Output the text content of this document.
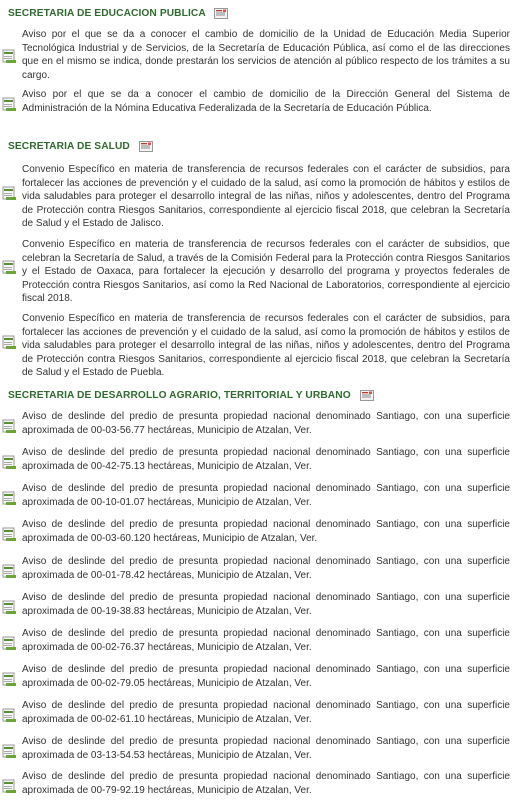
SECRETARIA DE EDUCACION PUBLICA
Aviso por el que se da a conocer el cambio de domicilio de la Unidad de Educación Media Superior Tecnológica Industrial y de Servicios, de la Secretaría de Educación Pública, así como el de las direcciones que en el mismo se indica, donde prestarán los servicios de atención al público respecto de los trámites a su cargo.
Aviso por el que se da a conocer el cambio de domicilio de la Dirección General del Sistema de Administración de la Nómina Educativa Federalizada de la Secretaría de Educación Pública.
SECRETARIA DE SALUD
Convenio Específico en materia de transferencia de recursos federales con el carácter de subsidios, para fortalecer las acciones de prevención y el cuidado de la salud, así como la promoción de hábitos y estilos de vida saludables para proteger el desarrollo integral de las niñas, niños y adolescentes, dentro del Programa de Protección contra Riesgos Sanitarios, correspondiente al ejercicio fiscal 2018, que celebran la Secretaría de Salud y el Estado de Jalisco.
Convenio Específico en materia de transferencia de recursos federales con el carácter de subsidios, que celebran la Secretaría de Salud, a través de la Comisión Federal para la Protección contra Riesgos Sanitarios y el Estado de Oaxaca, para fortalecer la ejecución y desarrollo del programa y proyectos federales de Protección contra Riesgos Sanitarios, así como la Red Nacional de Laboratorios, correspondiente al ejercicio fiscal 2018.
Convenio Específico en materia de transferencia de recursos federales con el carácter de subsidios, para fortalecer las acciones de prevención y el cuidado de la salud, así como la promoción de hábitos y estilos de vida saludables para proteger el desarrollo integral de las niñas, niños y adolescentes, dentro del Programa de Protección contra Riesgos Sanitarios, correspondiente al ejercicio fiscal 2018, que celebran la Secretaría de Salud y el Estado de Puebla.
SECRETARIA DE DESARROLLO AGRARIO, TERRITORIAL Y URBANO
Aviso de deslinde del predio de presunta propiedad nacional denominado Santiago, con una superficie aproximada de 00-03-56.77 hectáreas, Municipio de Atzalan, Ver.
Aviso de deslinde del predio de presunta propiedad nacional denominado Santiago, con una superficie aproximada de 00-42-75.13 hectáreas, Municipio de Atzalan, Ver.
Aviso de deslinde del predio de presunta propiedad nacional denominado Santiago, con una superficie aproximada de 00-10-01.07 hectáreas, Municipio de Atzalan, Ver.
Aviso de deslinde del predio de presunta propiedad nacional denominado Santiago, con una superficie aproximada de 00-03-60.120 hectáreas, Municipio de Atzalan, Ver.
Aviso de deslinde del predio de presunta propiedad nacional denominado Santiago, con una superficie aproximada de 00-01-78.42 hectáreas, Municipio de Atzalan, Ver.
Aviso de deslinde del predio de presunta propiedad nacional denominado Santiago, con una superficie aproximada de 00-19-38.83 hectáreas, Municipio de Atzalan, Ver.
Aviso de deslinde del predio de presunta propiedad nacional denominado Santiago, con una superficie aproximada de 00-02-76.37 hectáreas, Municipio de Atzalan, Ver.
Aviso de deslinde del predio de presunta propiedad nacional denominado Santiago, con una superficie aproximada de 00-02-79.05 hectáreas, Municipio de Atzalan, Ver.
Aviso de deslinde del predio de presunta propiedad nacional denominado Santiago, con una superficie aproximada de 00-02-61.10 hectáreas, Municipio de Atzalan, Ver.
Aviso de deslinde del predio de presunta propiedad nacional denominado Santiago, con una superficie aproximada de 03-13-54.53 hectáreas, Municipio de Atzalan, Ver.
Aviso de deslinde del predio de presunta propiedad nacional denominado Santiago, con una superficie aproximada de 00-79-92.19 hectáreas, Municipio de Atzalan, Ver.
